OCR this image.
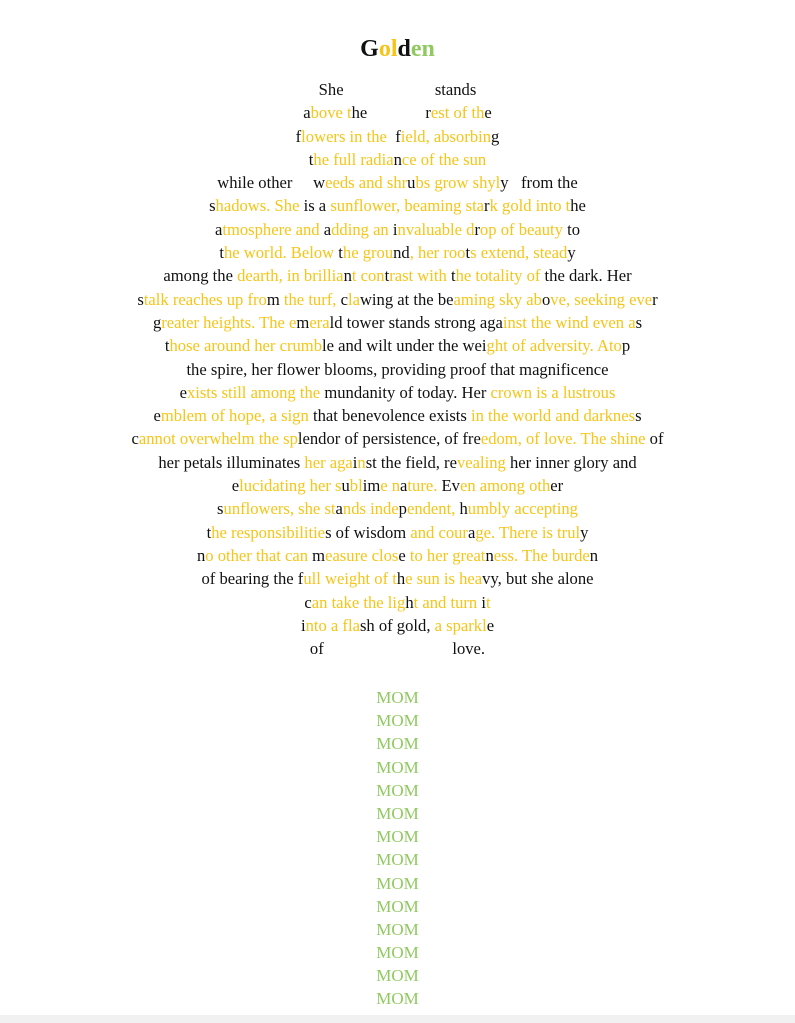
Golden
She                      stands
above the              rest of the
flowers in the  field, absorbing
the full radiance of the sun
while other     weeds and shrubs grow shyly   from the
shadows. She is a sunflower, beaming stark gold into the
atmosphere and adding an invaluable drop of beauty to
the world. Below the ground, her roots extend, steady
among the dearth, in brilliant contrast with the totality of the dark. Her
stalk reaches up from the turf, clawing at the beaming sky above, seeking ever
greater heights. The emerald tower stands strong against the wind even as
those around her crumble and wilt under the weight of adversity. Atop
the spire, her flower blooms, providing proof that magnificence
exists still among the mundanity of today. Her crown is a lustrous
emblem of hope, a sign that benevolence exists in the world and darkness
cannot overwhelm the splendor of persistence, of freedom, of love. The shine of
her petals illuminates her against the field, revealing her inner glory and
elucidating her sublime nature. Even among other
sunflowers, she stands independent, humbly accepting
the responsibilities of wisdom and courage. There is truly
no other that can measure close to her greatness. The burden
of bearing the full weight of the sun is heavy, but she alone
can take the light and turn it
into a flash of gold, a sparkle
of                               love.
MOM
MOM
MOM
MOM
MOM
MOM
MOM
MOM
MOM
MOM
MOM
MOM
MOM
MOM
